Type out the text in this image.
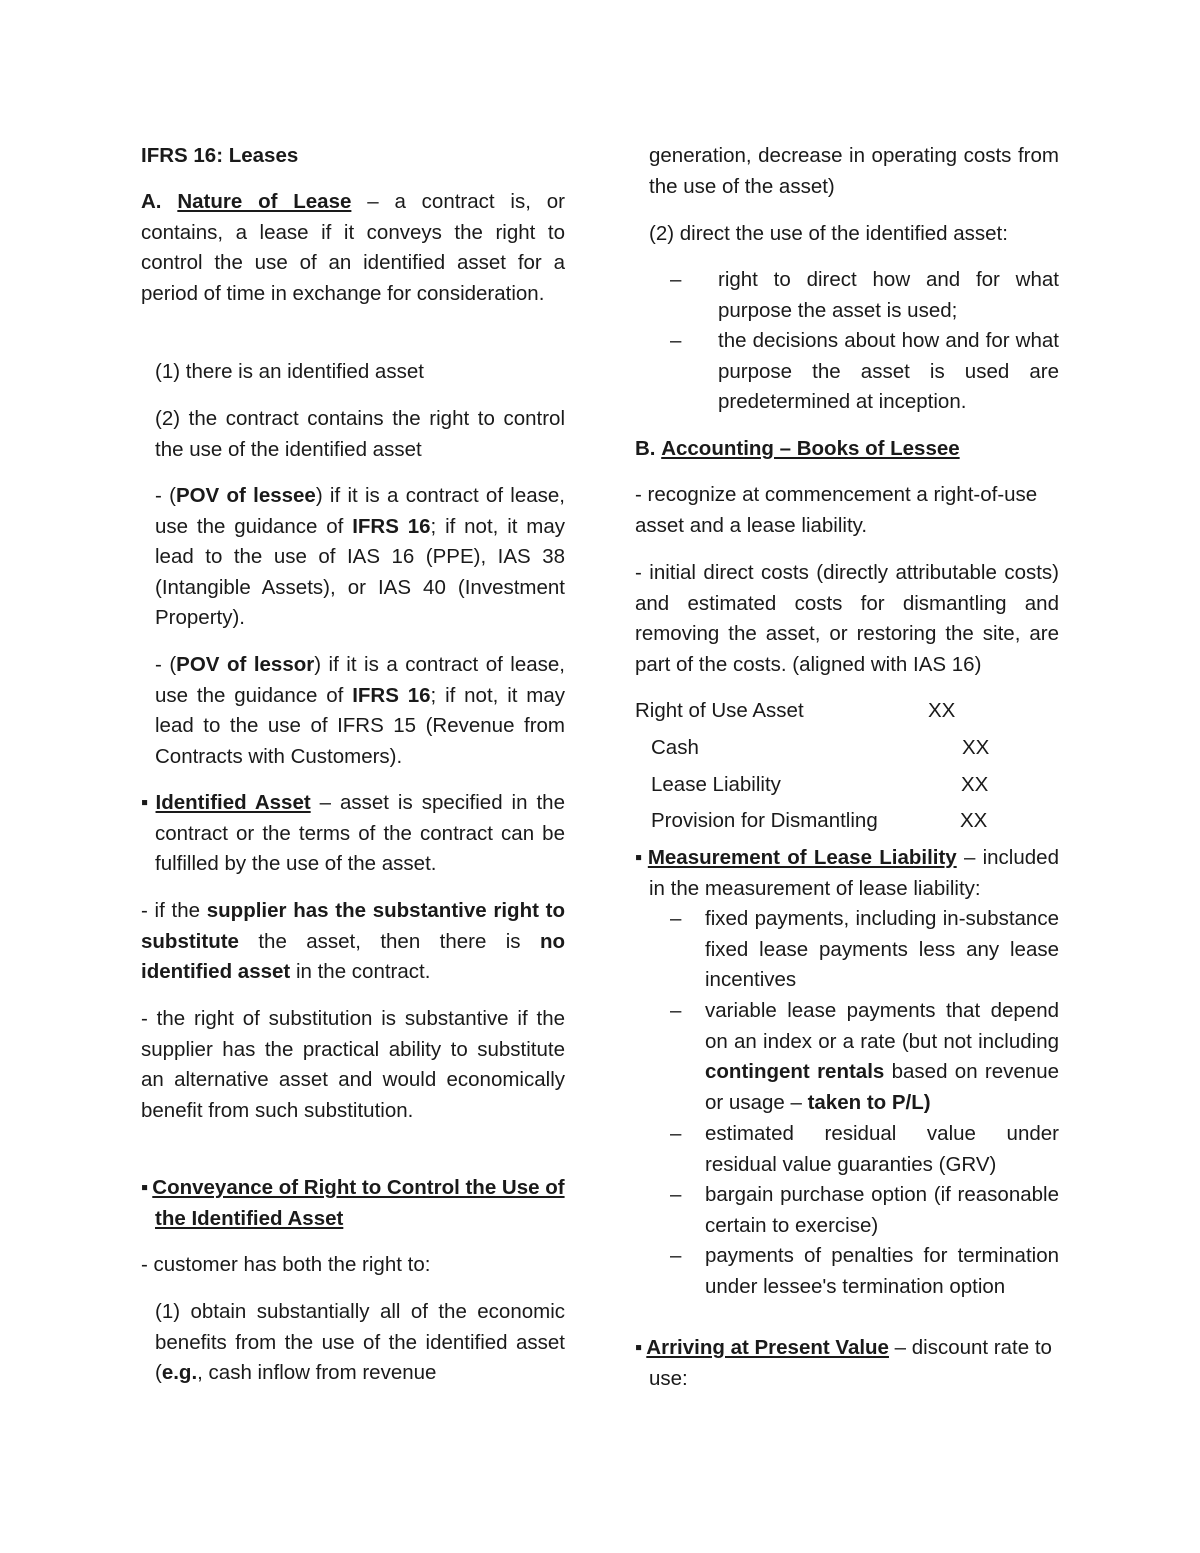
IFRS 16: Leases

A. Nature of Lease – a contract is, or contains, a lease if it conveys the right to control the use of an identified asset for a period of time in exchange for consideration.

(1) there is an identified asset

(2) the contract contains the right to control the use of the identified asset

- (POV of lessee) if it is a contract of lease, use the guidance of IFRS 16; if not, it may lead to the use of IAS 16 (PPE), IAS 38 (Intangible Assets), or IAS 40 (Investment Property).

- (POV of lessor) if it is a contract of lease, use the guidance of IFRS 16; if not, it may lead to the use of IFRS 15 (Revenue from Contracts with Customers).

▪ Identified Asset – asset is specified in the contract or the terms of the contract can be fulfilled by the use of the asset.

- if the supplier has the substantive right to substitute the asset, then there is no identified asset in the contract.

- the right of substitution is substantive if the supplier has the practical ability to substitute an alternative asset and would economically benefit from such substitution.

▪ Conveyance of Right to Control the Use of the Identified Asset

- customer has both the right to:

(1) obtain substantially all of the economic benefits from the use of the identified asset (e.g., cash inflow from revenue

generation, decrease in operating costs from the use of the asset)

(2) direct the use of the identified asset:

– right to direct how and for what purpose the asset is used;

– the decisions about how and for what purpose the asset is used are predetermined at inception.

B. Accounting – Books of Lessee

- recognize at commencement a right-of-use asset and a lease liability.

- initial direct costs (directly attributable costs) and estimated costs for dismantling and removing the asset, or restoring the site, are part of the costs. (aligned with IAS 16)

Right of Use Asset	XX
Cash	XX
Lease Liability	XX
Provision for Dismantling	XX

▪ Measurement of Lease Liability – included in the measurement of lease liability:

– fixed payments, including in-substance fixed lease payments less any lease incentives

– variable lease payments that depend on an index or a rate (but not including contingent rentals based on revenue or usage – taken to P/L)

– estimated residual value under residual value guaranties (GRV)

– bargain purchase option (if reasonable certain to exercise)

– payments of penalties for termination under lessee's termination option

▪ Arriving at Present Value – discount rate to use:
